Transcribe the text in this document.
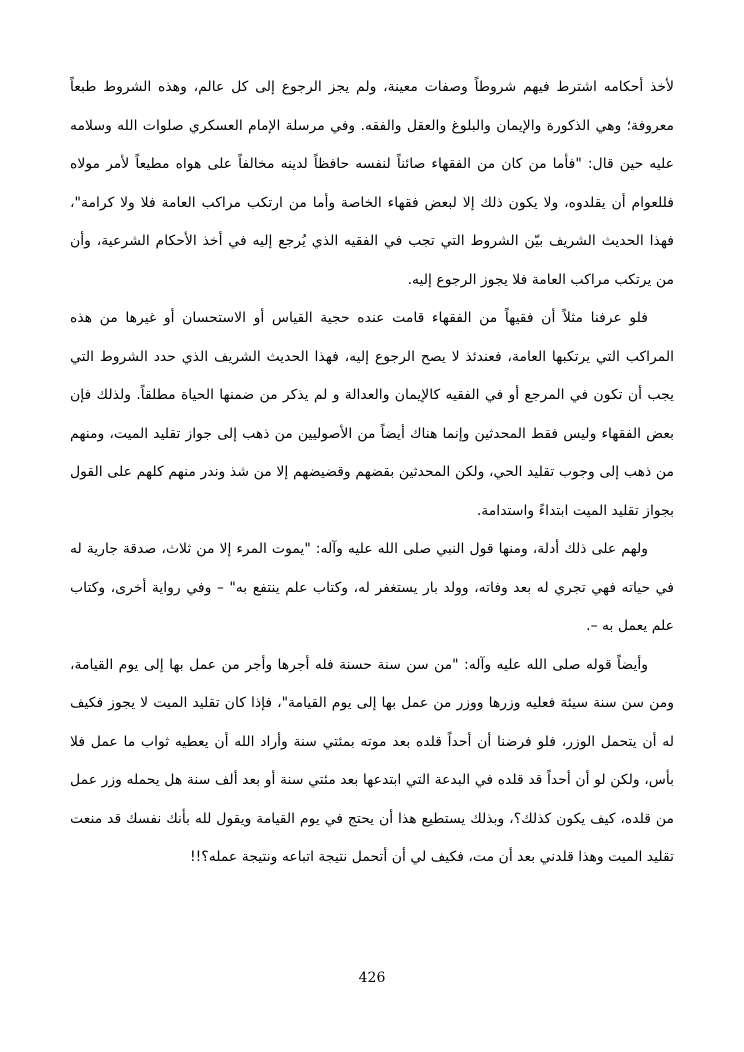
لأخذ أحكامه اشترط فيهم شروطاً وصفات معينة، ولم يجز الرجوع إلى كل عالم، وهذه الشروط طبعاً معروفة؛ وهي الذكورة والإيمان والبلوغ والعقل والفقه. وفي مرسلة الإمام العسكري صلوات الله وسلامه عليه حين قال: "فأما من كان من الفقهاء صائناً لنفسه حافظاً لدينه مخالفاً على هواه مطيعاً لأمر مولاه فللعوام أن يقلدوه، ولا يكون ذلك إلا لبعض فقهاء الخاصة وأما من ارتكب مراكب العامة فلا ولا كرامة"، فهذا الحديث الشريف بيّن الشروط التي تجب في الفقيه الذي يُرجع إليه في أخذ الأحكام الشرعية، وأن من يرتكب مراكب العامة فلا يجوز الرجوع إليه.

فلو عرفنا مثلاً أن فقيهاً من الفقهاء قامت عنده حجية القياس أو الاستحسان أو غيرها من هذه المراكب التي يرتكبها العامة، فعندئذ لا يصح الرجوع إليه، فهذا الحديث الشريف الذي حدد الشروط التي يجب أن تكون في المرجع أو في الفقيه كالإيمان والعدالة و لم يذكر من ضمنها الحياة مطلقاً. ولذلك فإن بعض الفقهاء وليس فقط المحدثين وإنما هناك أيضاً من الأصوليين من ذهب إلى جواز تقليد الميت، ومنهم من ذهب إلى وجوب تقليد الحي، ولكن المحدثين بقضهم وقضيضهم إلا من شذ وندر منهم كلهم على القول بجواز تقليد الميت ابتداءً واستدامة.

ولهم على ذلك أدلة، ومنها قول النبي صلى الله عليه وآله: "يموت المرء إلا من ثلاث، صدقة جارية له في حياته فهي تجري له بعد وفاته، وولد بار يستغفر له، وكتاب علم ينتفع به" – وفي رواية أخرى، وكتاب علم يعمل به –.

وأيضاً قوله صلى الله عليه وآله: "من سن سنة حسنة فله أجرها وأجر من عمل بها إلى يوم القيامة، ومن سن سنة سيئة فعليه وزرها ووزر من عمل بها إلى يوم القيامة"، فإذا كان تقليد الميت لا يجوز فكيف له أن يتحمل الوزر، فلو فرضنا أن أحداً قلده بعد موته بمئتي سنة وأراد الله أن يعطيه ثواب ما عمل فلا بأس، ولكن لو أن أحداً قد قلده في البدعة التي ابتدعها بعد مئتي سنة أو بعد ألف سنة هل يحمله وزر عمل من قلده، كيف يكون كذلك؟، وبذلك يستطيع هذا أن يحتج في يوم القيامة ويقول لله بأنك نفسك قد منعت تقليد الميت وهذا قلدني بعد أن مت، فكيف لي أن أتحمل نتيجة اتباعه ونتيجة عمله؟!!

426
